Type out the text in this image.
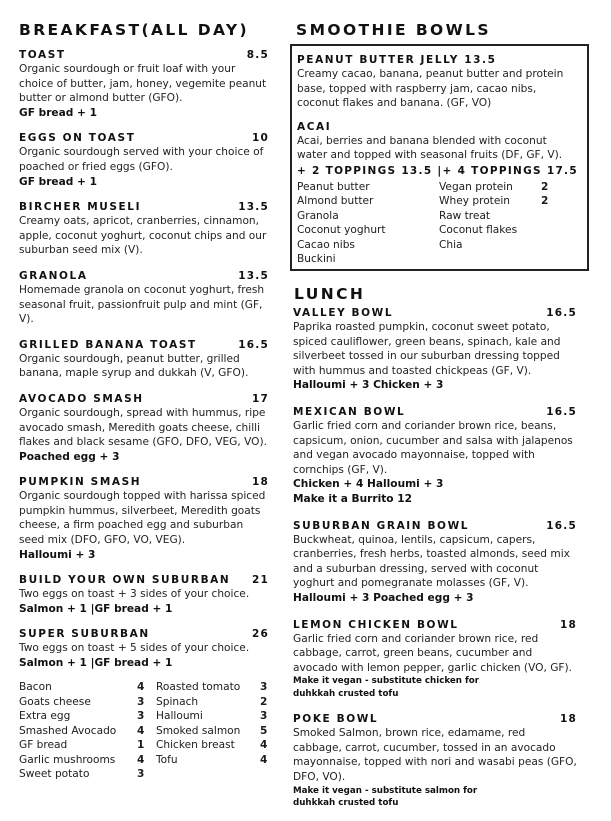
BREAKFAST(ALL DAY)
TOAST	8.5
Organic sourdough or fruit loaf with your choice of butter, jam, honey, vegemite peanut butter or almond butter (GFO).
GF bread + 1
EGGS ON TOAST	10
Organic sourdough served with your choice of poached or fried eggs (GFO).
GF bread + 1
BIRCHER MUSELI	13.5
Creamy oats, apricot, cranberries, cinnamon, apple, coconut yoghurt, coconut chips and our suburban seed mix (V).
GRANOLA	13.5
Homemade granola on coconut yoghurt, fresh seasonal fruit, passionfruit pulp and mint (GF, V).
GRILLED BANANA TOAST	16.5
Organic sourdough, peanut butter, grilled banana, maple syrup and dukkah (V, GFO).
AVOCADO SMASH	17
Organic sourdough, spread with hummus, ripe avocado smash, Meredith goats cheese, chilli flakes and black sesame (GFO, DFO, VEG, VO).
Poached egg + 3
PUMPKIN SMASH	18
Organic sourdough topped with harissa spiced pumpkin hummus, silverbeet, Meredith goats cheese, a firm poached egg and suburban seed mix (DFO, GFO, VO, VEG).
Halloumi + 3
BUILD YOUR OWN SUBURBAN 21
Two eggs on toast + 3 sides of your choice.
Salmon + 1 |GF bread + 1
SUPER SUBURBAN	26
Two eggs on toast + 5 sides of your choice.
Salmon + 1 |GF bread + 1
Bacon	4
Goats cheese	3
Extra egg	3
Smashed Avocado 4
GF bread	1
Garlic mushrooms 4
Sweet potato	3
Roasted tomato 3
Spinach	2
Halloumi	3
Smoked salmon 5
Chicken breast 4
Tofu	4
SMOOTHIE BOWLS
PEANUT BUTTER JELLY 13.5
Creamy cacao, banana, peanut butter and protein base, topped with raspberry jam, cacao nibs, coconut flakes and banana. (GF, VO)
ACAI
Acai, berries and banana blended with coconut water and topped with seasonal fruits (DF, GF, V).
+ 2 TOPPINGS 13.5 |+ 4 TOPPINGS 17.5
Peanut butter
Almond butter
Granola
Coconut yoghurt
Cacao nibs
Buckini
Vegan protein	2
Whey protein	2
Raw treat
Coconut flakes
Chia
LUNCH
VALLEY BOWL	16.5
Paprika roasted pumpkin, coconut sweet potato, spiced cauliflower, green beans, spinach, kale and silverbeet tossed in our suburban dressing topped with hummus and toasted chickpeas (GF, V).
Halloumi + 3 Chicken + 3
MEXICAN BOWL	16.5
Garlic fried corn and coriander brown rice, beans, capsicum, onion, cucumber and salsa with jalapenos and vegan avocado mayonnaise, topped with cornchips (GF, V).
Chicken + 4 Halloumi + 3
Make it a Burrito 12
SUBURBAN GRAIN BOWL	16.5
Buckwheat, quinoa, lentils, capsicum, capers, cranberries, fresh herbs, toasted almonds, seed mix and a suburban dressing, served with coconut yoghurt and pomegranate molasses (GF, V).
Halloumi + 3 Poached egg + 3
LEMON CHICKEN BOWL	18
Garlic fried corn and coriander brown rice, red cabbage, carrot, green beans, cucumber and avocado with lemon pepper, garlic chicken (VO, GF).
Make it vegan - substitute chicken for duhkkah crusted tofu
POKE BOWL	18
Smoked Salmon, brown rice, edamame, red cabbage, carrot, cucumber, tossed in an avocado mayonnaise, topped with nori and wasabi peas (GFO, DFO, VO).
Make it vegan - substitute salmon for duhkkah crusted tofu
